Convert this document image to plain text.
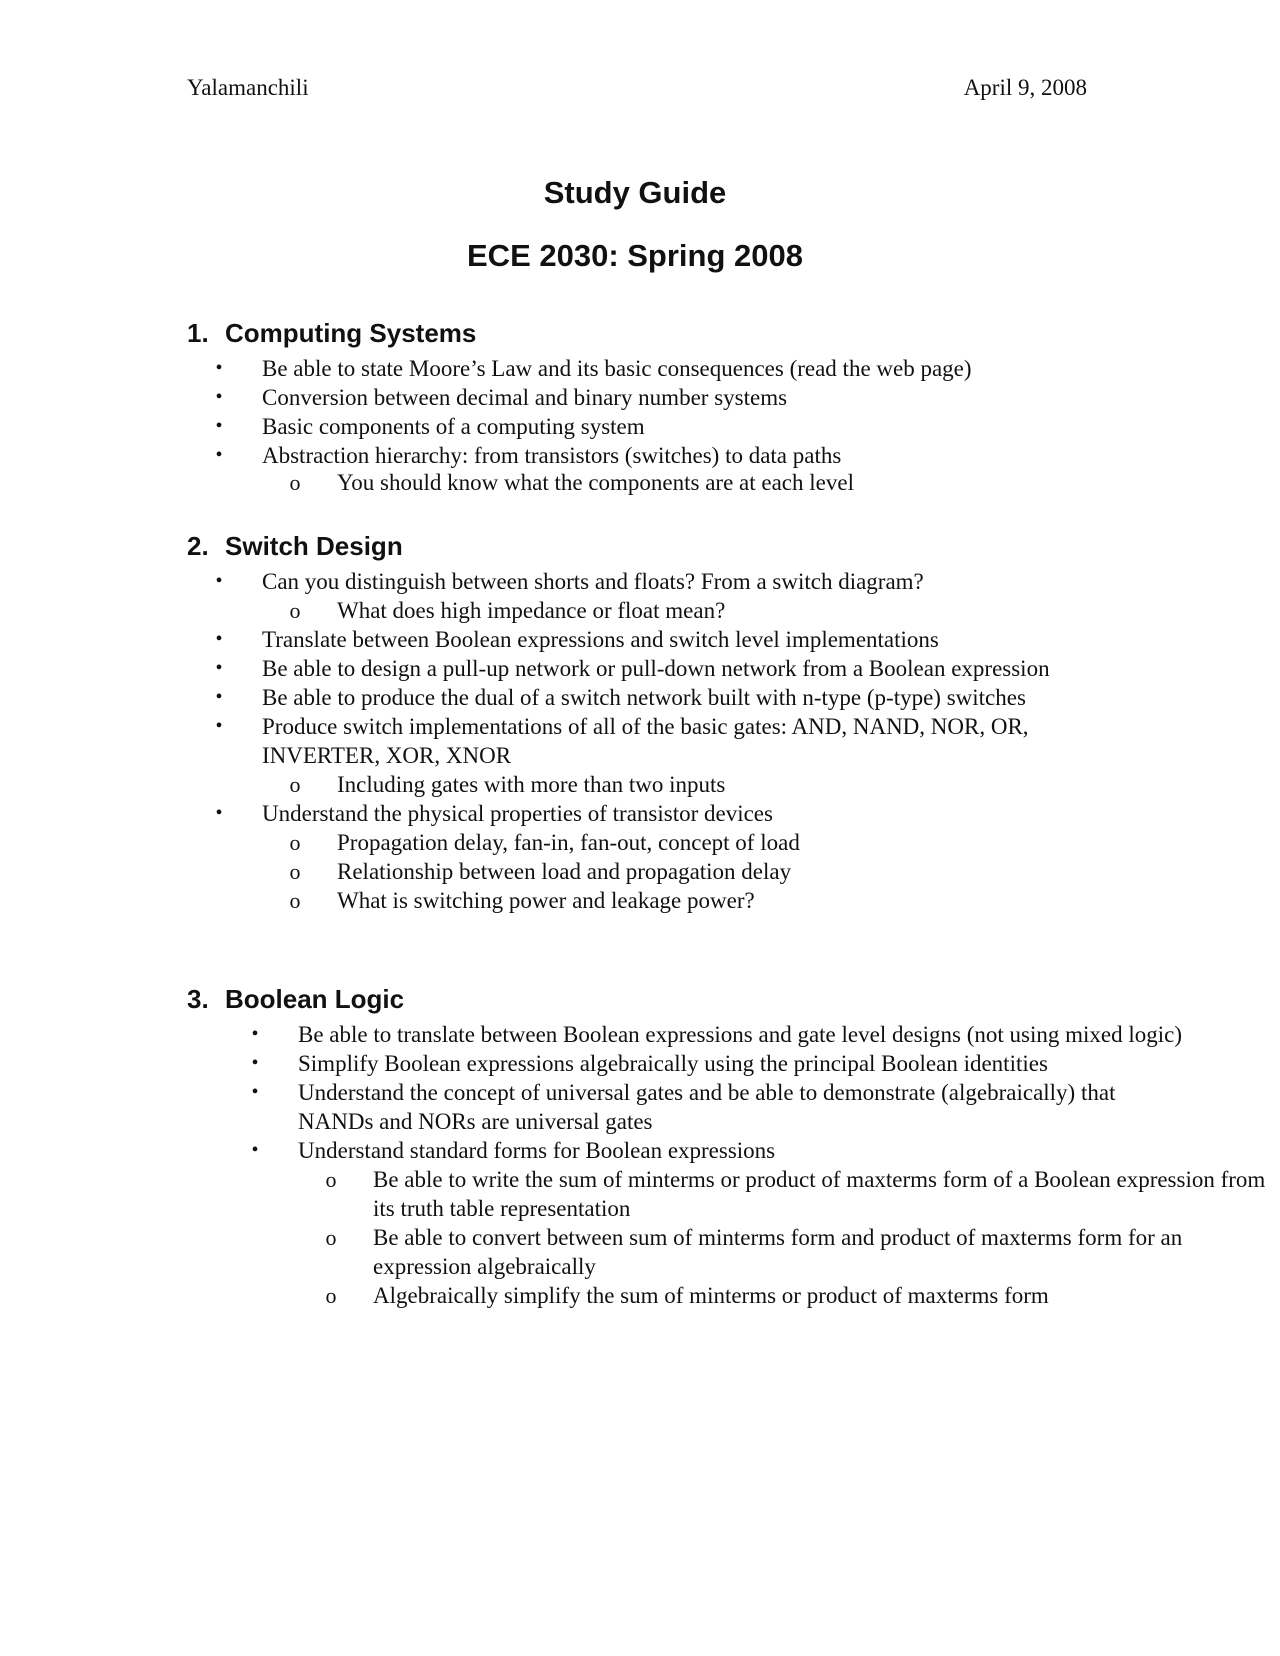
Yalamanchili	April 9, 2008
Study Guide
ECE 2030: Spring 2008
1. Computing Systems
• Be able to state Moore’s Law and its basic consequences (read the web page)
• Conversion between decimal and binary number systems
• Basic components of a computing system
• Abstraction hierarchy: from transistors (switches) to data paths
o You should know what the components are at each level
2. Switch Design
• Can you distinguish between shorts and floats? From a switch diagram?
o What does high impedance or float mean?
• Translate between Boolean expressions and switch level implementations
• Be able to design a pull-up network or pull-down network from a Boolean expression
• Be able to produce the dual of a switch network built with n-type (p-type) switches
• Produce switch implementations of all of the basic gates: AND, NAND, NOR, OR, INVERTER, XOR, XNOR
o Including gates with more than two inputs
• Understand the physical properties of transistor devices
o Propagation delay, fan-in, fan-out, concept of load
o Relationship between load and propagation delay
o What is switching power and leakage power?
3. Boolean Logic
• Be able to translate between Boolean expressions and gate level designs (not using mixed logic)
• Simplify Boolean expressions algebraically using the principal Boolean identities
• Understand the concept of universal gates and be able to demonstrate (algebraically) that NANDs and NORs are universal gates
• Understand standard forms for Boolean expressions
o Be able to write the sum of minterms or product of maxterms form of a Boolean expression from its truth table representation
o Be able to convert between sum of minterms form and product of maxterms form for an expression algebraically
o Algebraically simplify the sum of minterms or product of maxterms form
